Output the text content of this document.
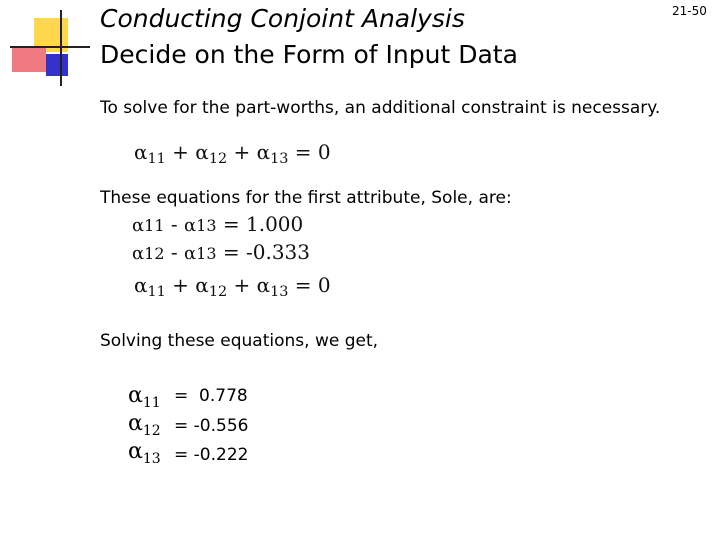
Conducting Conjoint Analysis	21-50
Decide on the Form of Input Data
To solve for the part-worths, an additional constraint is necessary.
$\alpha_{11} + \alpha_{12} + \alpha_{13} = 0$
These equations for the first attribute, Sole, are:
α11 - α13 = 1.000
α12 - α13 = -0.333
$\alpha_{11} + \alpha_{12} + \alpha_{13} = 0$
Solving these equations, we get,
$\alpha_{11} = 0.778$
$\alpha_{12} = -0.556$
$\alpha_{13} = -0.222$
